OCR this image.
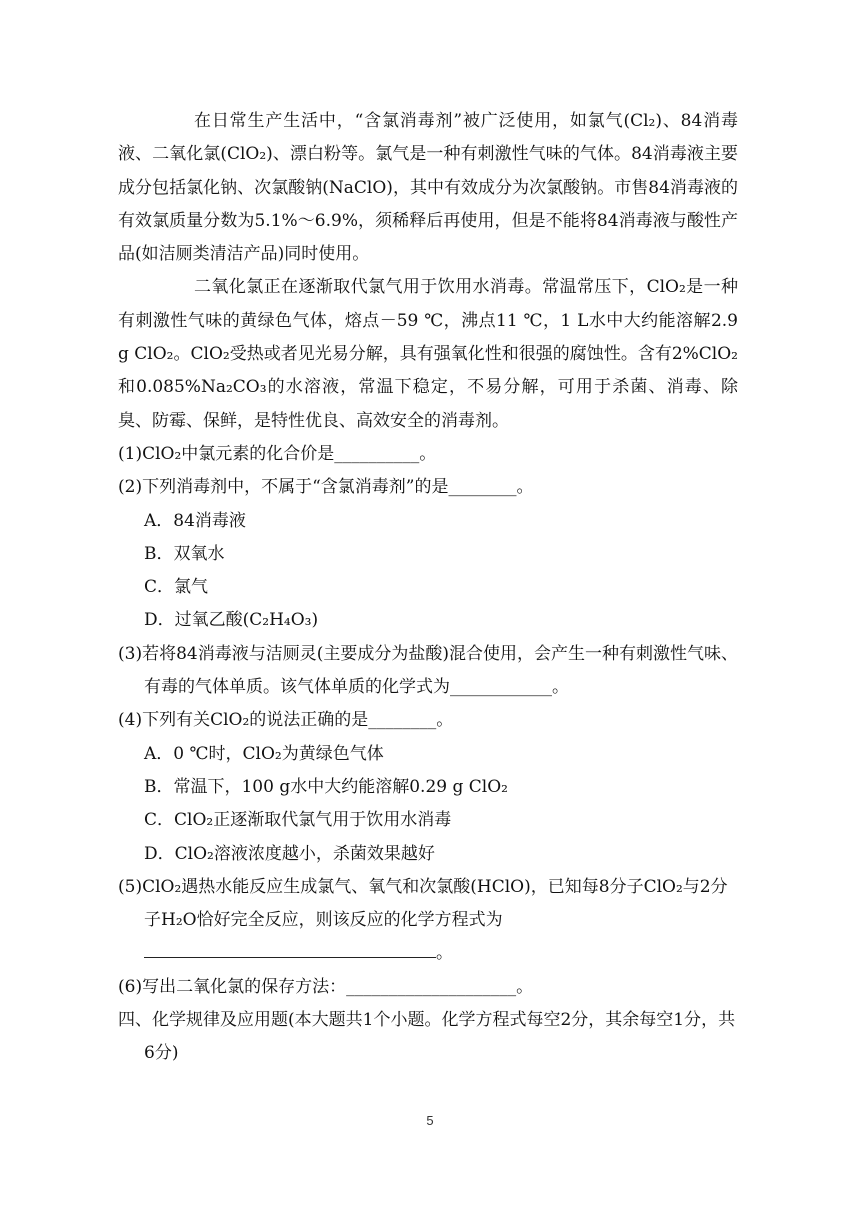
在日常生产生活中，“含氯消毒剂”被广泛使用，如氯气(Cl₂)、84消毒液、二氧化氯(ClO₂)、漂白粉等。氯气是一种有刺激性气味的气体。84消毒液主要成分包括氯化钠、次氯酸钠(NaClO)，其中有效成分为次氯酸钠。市售84消毒液的有效氯质量分数为5.1%～6.9%，须稀释后再使用，但是不能将84消毒液与酸性产品(如洁厕类清洁产品)同时使用。

二氧化氯正在逐渐取代氯气用于饮用水消毒。常温常压下，ClO₂是一种有刺激性气味的黄绿色气体，熔点－59 ℃，沸点11 ℃，1 L水中大约能溶解2.9 g ClO₂。ClO₂受热或者见光易分解，具有强氧化性和很强的腐蚀性。含有2%ClO₂和0.085%Na₂CO₃的水溶液，常温下稳定，不易分解，可用于杀菌、消毒、除臭、防霉、保鲜，是特性优良、高效安全的消毒剂。

(1)ClO₂中氯元素的化合价是__________。

(2)下列消毒剂中，不属于“含氯消毒剂”的是________。

A．84消毒液

B．双氧水

C．氯气

D．过氧乙酸(C₂H₄O₃)

(3)若将84消毒液与洁厕灵(主要成分为盐酸)混合使用，会产生一种有刺激性气味、有毒的气体单质。该气体单质的化学式为____________。

(4)下列有关ClO₂的说法正确的是________。

A．0 ℃时，ClO₂为黄绿色气体

B．常温下，100 g水中大约能溶解0.29 g ClO₂

C．ClO₂正逐渐取代氯气用于饮用水消毒

D．ClO₂溶液浓度越小，杀菌效果越好

(5)ClO₂遇热水能反应生成氯气、氧气和次氯酸(HClO)，已知每8分子ClO₂与2分子H₂O恰好完全反应，则该反应的化学方程式为

。

(6)写出二氧化氯的保存方法：____________________。

四、化学规律及应用题(本大题共1个小题。化学方程式每空2分，其余每空1分，共6分)

5
